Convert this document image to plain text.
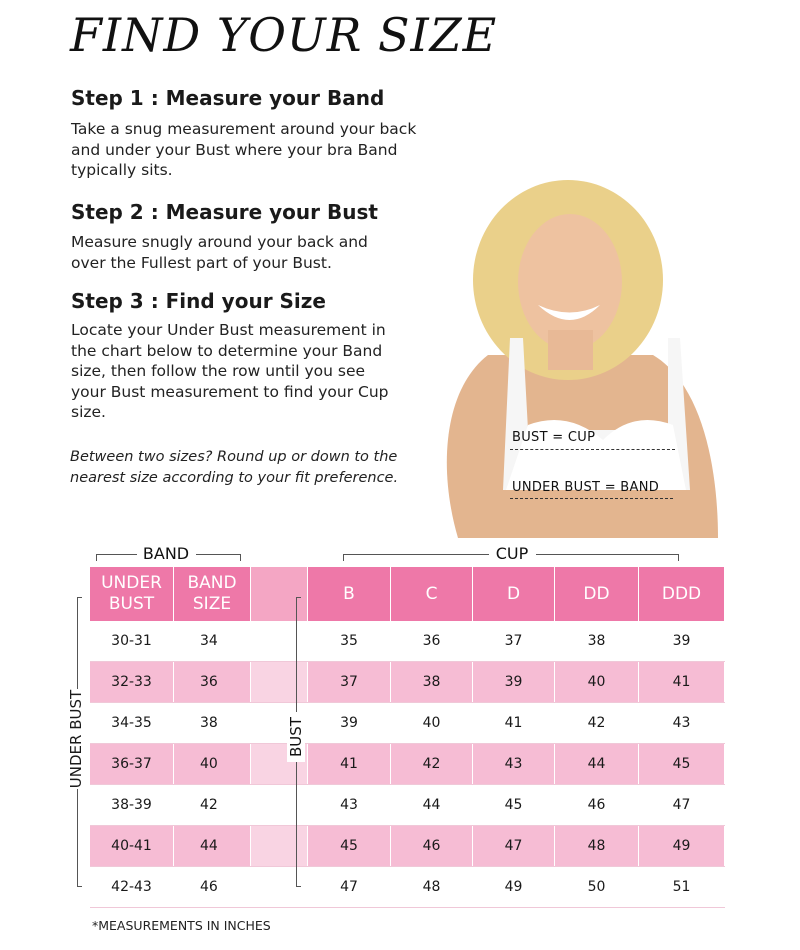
FIND YOUR SIZE
Step 1 : Measure your Band
Take a snug measurement around your back and under your Bust where your bra Band typically sits.
Step 2 : Measure your Bust
Measure snugly around your back and over the Fullest part of your Bust.
Step 3 : Find your Size
Locate your Under Bust measurement in the chart below to determine your Band size, then follow the row until you see your Bust measurement to find your Cup size.
Between two sizes? Round up or down to the nearest size according to your fit preference.
BUST = CUP
UNDER BUST = BAND
BAND	CUP
UNDER BUST	BUST
UNDER BUST	BAND SIZE		B	C	D	DD	DDD
30-31	34		35	36	37	38	39
32-33	36		37	38	39	40	41
34-35	38		39	40	41	42	43
36-37	40		41	42	43	44	45
38-39	42		43	44	45	46	47
40-41	44		45	46	47	48	49
42-43	46		47	48	49	50	51
*MEASUREMENTS IN INCHES
